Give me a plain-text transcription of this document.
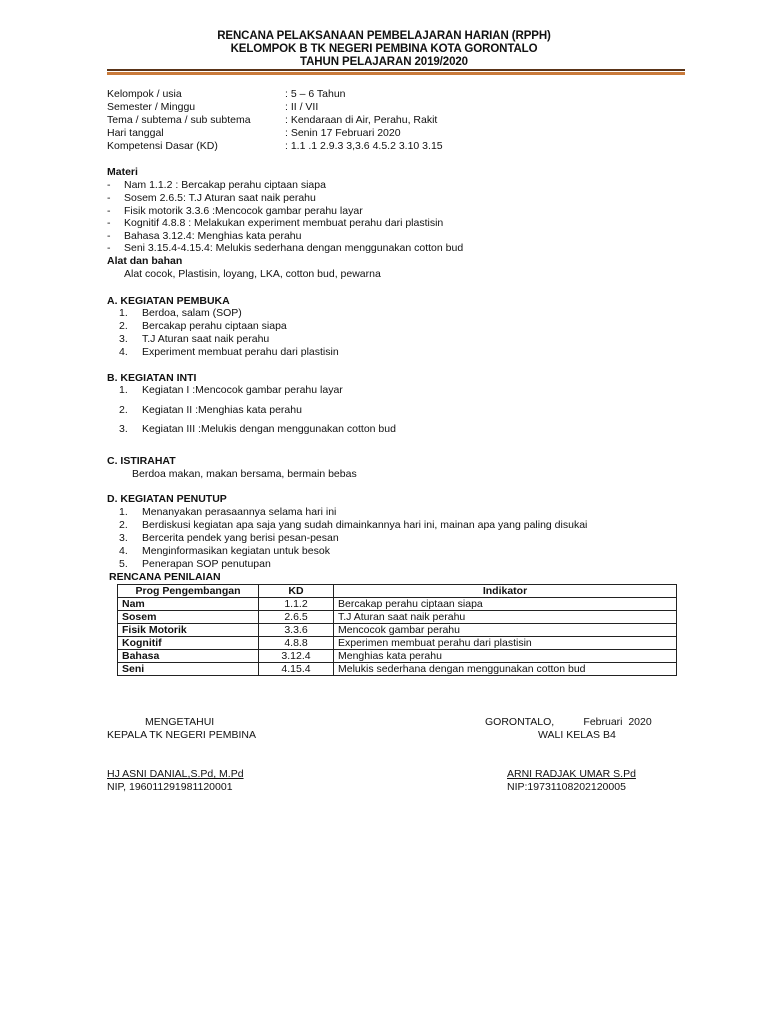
RENCANA PELAKSANAAN PEMBELAJARAN HARIAN (RPPH)
KELOMPOK B TK NEGERI PEMBINA KOTA GORONTALO
TAHUN PELAJARAN 2019/2020
Kelompok / usia	: 5 – 6 Tahun
Semester / Minggu	: II / VII
Tema / subtema / sub subtema	: Kendaraan di Air, Perahu, Rakit
Hari tanggal	: Senin 17 Februari 2020
Kompetensi Dasar (KD)	: 1.1 .1 2.9.3 3,3.6 4.5.2 3.10 3.15
Materi
- Nam 1.1.2 : Bercakap perahu ciptaan siapa
- Sosem 2.6.5: T.J Aturan saat naik perahu
- Fisik motorik 3.3.6 :Mencocok gambar perahu layar
- Kognitif 4.8.8 : Melakukan experiment membuat perahu dari plastisin
- Bahasa 3.12.4: Menghias kata perahu
- Seni 3.15.4-4.15.4: Melukis sederhana dengan menggunakan cotton bud
Alat dan bahan
Alat cocok, Plastisin, loyang, LKA, cotton bud, pewarna
A. KEGIATAN PEMBUKA
1. Berdoa, salam (SOP)
2. Bercakap perahu ciptaan siapa
3. T.J Aturan saat naik perahu
4. Experiment membuat perahu dari plastisin
B. KEGIATAN INTI
1. Kegiatan I :Mencocok gambar perahu layar
2. Kegiatan II :Menghias kata perahu
3. Kegiatan III :Melukis dengan menggunakan cotton bud
C. ISTIRAHAT
Berdoa makan, makan bersama, bermain bebas
D. KEGIATAN PENUTUP
1. Menanyakan perasaannya selama hari ini
2. Berdiskusi kegiatan apa saja yang sudah dimainkannya hari ini, mainan apa yang paling disukai
3. Bercerita pendek yang berisi pesan-pesan
4. Menginformasikan kegiatan untuk besok
5. Penerapan SOP penutupan
RENCANA PENILAIAN
Prog Pengembangan	KD	Indikator
Nam	1.1.2	Bercakap perahu ciptaan siapa
Sosem	2.6.5	T.J Aturan saat naik perahu
Fisik Motorik	3.3.6	Mencocok gambar perahu
Kognitif	4.8.8	Experimen membuat perahu dari plastisin
Bahasa	3.12.4	Menghias kata perahu
Seni	4.15.4	Melukis sederhana dengan menggunakan cotton bud
MENGETAHUI
KEPALA TK NEGERI PEMBINA
HJ ASNI DANIAL,S.Pd, M.Pd
NIP, 196011291981120001
GORONTALO,          Februari  2020
WALI KELAS B4
ARNI RADJAK UMAR S.Pd
NIP:19731108202120005
